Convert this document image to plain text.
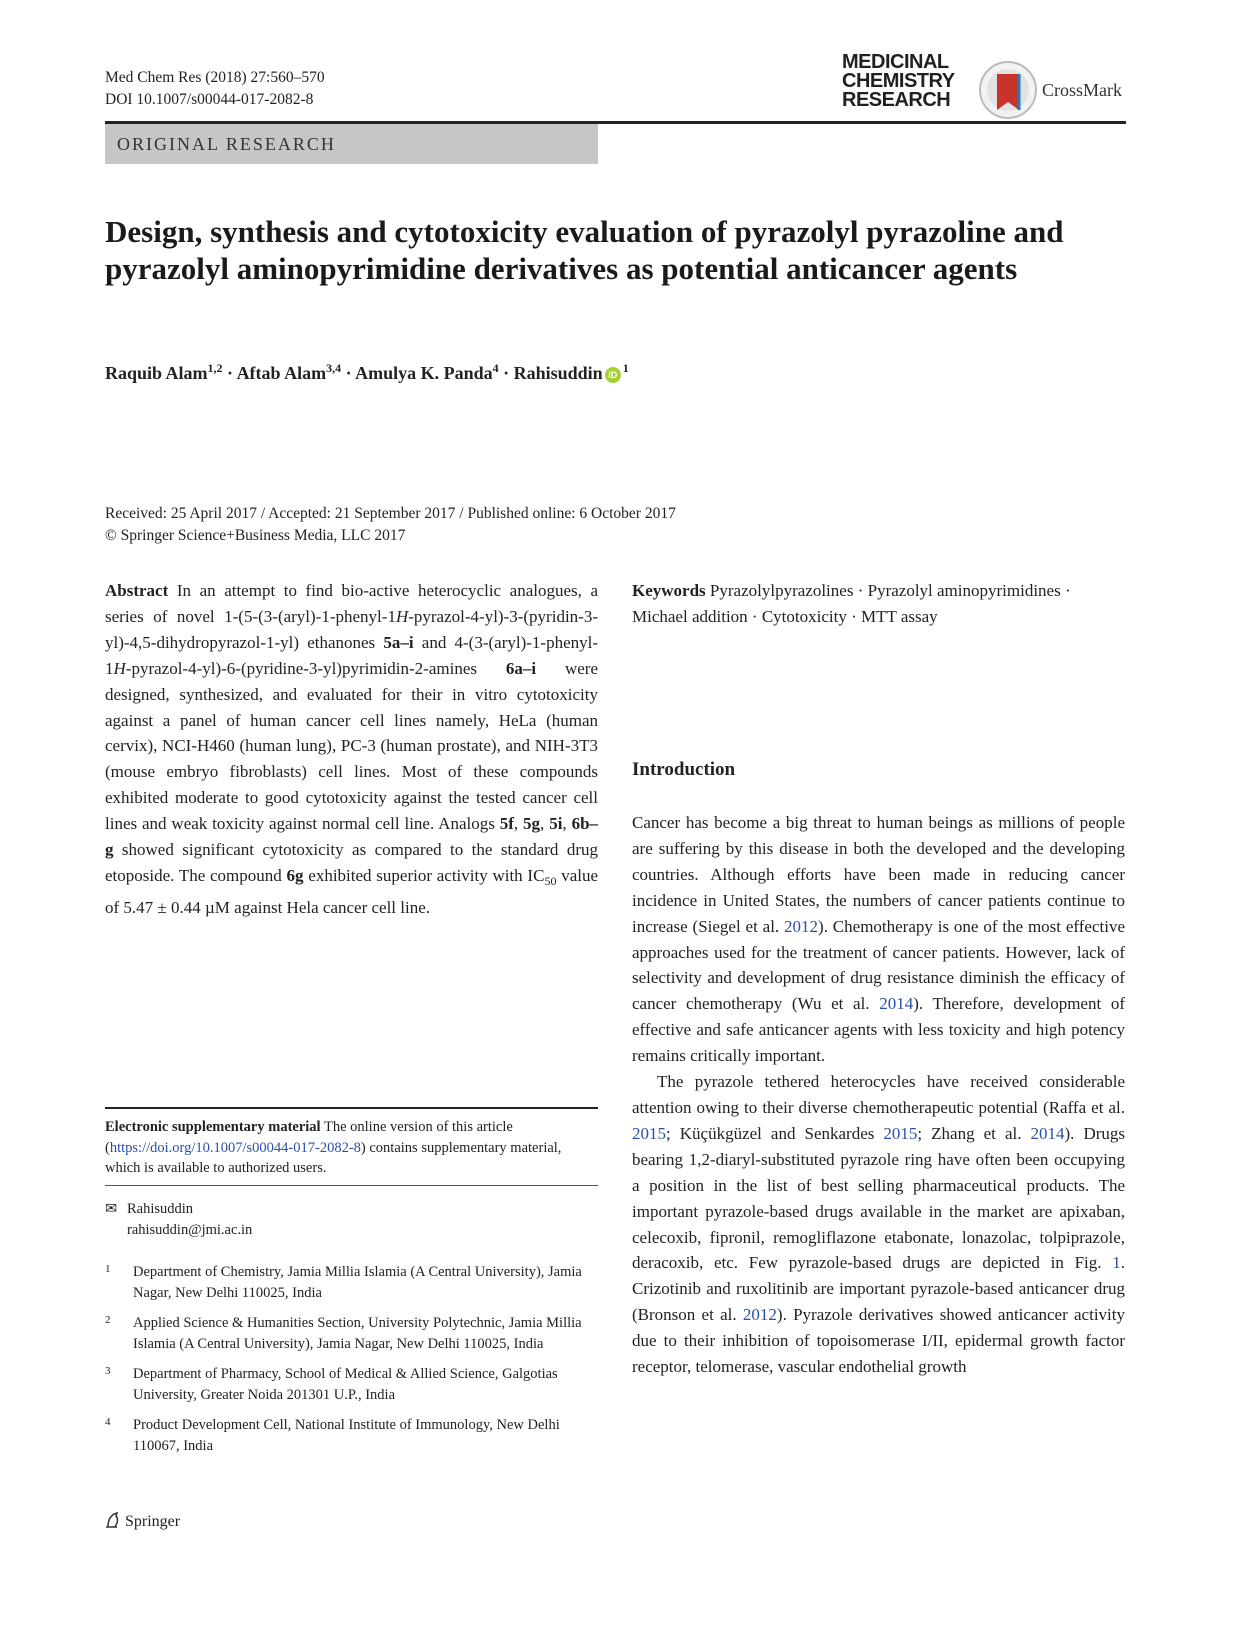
Med Chem Res (2018) 27:560–570
DOI 10.1007/s00044-017-2082-8
MEDICINAL
CHEMISTRY
RESEARCH	CrossMark
ORIGINAL RESEARCH
Design, synthesis and cytotoxicity evaluation of pyrazolyl pyrazoline and pyrazolyl aminopyrimidine derivatives as potential anticancer agents
Raquib Alam$^{1,2}$ · Aftab Alam$^{3,4}$ · Amulya K. Panda$^4$ · Rahisuddin iD $^1$
Received: 25 April 2017 / Accepted: 21 September 2017 / Published online: 6 October 2017
© Springer Science+Business Media, LLC 2017
Abstract In an attempt to find bio-active heterocyclic analogues, a series of novel 1-(5-(3-(aryl)-1-phenyl-1H-pyrazol-4-yl)-3-(pyridin-3-yl)-4,5-dihydropyrazol-1-yl) ethanones 5a–i and 4-(3-(aryl)-1-phenyl-1H-pyrazol-4-yl)-6-(pyridine-3-yl)pyrimidin-2-amines 6a–i were designed, synthesized, and evaluated for their in vitro cytotoxicity against a panel of human cancer cell lines namely, HeLa (human cervix), NCI-H460 (human lung), PC-3 (human prostate), and NIH-3T3 (mouse embryo fibroblasts) cell lines. Most of these compounds exhibited moderate to good cytotoxicity against the tested cancer cell lines and weak toxicity against normal cell line. Analogs 5f, 5g, 5i, 6b–g showed significant cytotoxicity as compared to the standard drug etoposide. The compound 6g exhibited superior activity with $IC_{50}$ value of 5.47 ± 0.44 µM against Hela cancer cell line.
Keywords Pyrazolylpyrazolines · Pyrazolyl aminopyrimidines · Michael addition · Cytotoxicity · MTT assay
Introduction

Cancer has become a big threat to human beings as millions of people are suffering by this disease in both the developed and the developing countries. Although efforts have been made in reducing cancer incidence in United States, the numbers of cancer patients continue to increase (Siegel et al. 2012). Chemotherapy is one of the most effective approaches used for the treatment of cancer patients. However, lack of selectivity and development of drug resistance diminish the efficacy of cancer chemotherapy (Wu et al. 2014). Therefore, development of effective and safe anticancer agents with less toxicity and high potency remains critically important.

The pyrazole tethered heterocycles have received considerable attention owing to their diverse chemotherapeutic potential (Raffa et al. 2015; Küçükgüzel and Senkardes 2015; Zhang et al. 2014). Drugs bearing 1,2-diaryl-substituted pyrazole ring have often been occupying a position in the list of best selling pharmaceutical products. The important pyrazole-based drugs available in the market are apixaban, celecoxib, fipronil, remogliflazone etabonate, lonazolac, tolpiprazole, deracoxib, etc. Few pyrazole-based drugs are depicted in Fig. 1. Crizotinib and ruxolitinib are important pyrazole-based anticancer drug (Bronson et al. 2012). Pyrazole derivatives showed anticancer activity due to their inhibition of topoisomerase I/II, epidermal growth factor receptor, telomerase, vascular endothelial growth

Electronic supplementary material The online version of this article (https://doi.org/10.1007/s00044-017-2082-8) contains supplementary material, which is available to authorized users.
✉ Rahisuddin
rahisuddin@jmi.ac.in
1 Department of Chemistry, Jamia Millia Islamia (A Central University), Jamia Nagar, New Delhi 110025, India
2 Applied Science & Humanities Section, University Polytechnic, Jamia Millia Islamia (A Central University), Jamia Nagar, New Delhi 110025, India
3 Department of Pharmacy, School of Medical & Allied Science, Galgotias University, Greater Noida 201301 U.P., India
4 Product Development Cell, National Institute of Immunology, New Delhi 110067, India
Springer
